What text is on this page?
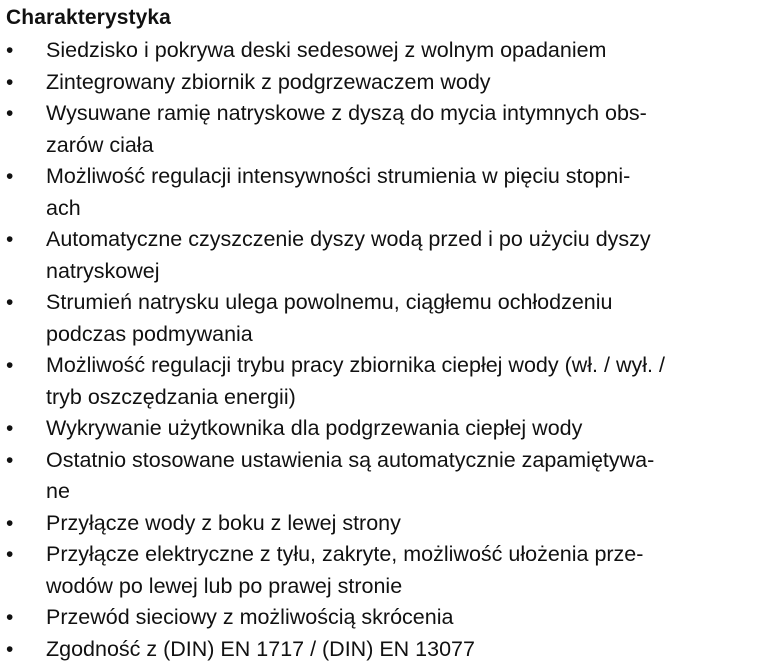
Charakterystyka
•	Siedzisko i pokrywa deski sedesowej z wolnym opadaniem
•	Zintegrowany zbiornik z podgrzewaczem wody
•	Wysuwane ramię natryskowe z dyszą do mycia intymnych obs-
zarów ciała
•	Możliwość regulacji intensywności strumienia w pięciu stopni-
ach
•	Automatyczne czyszczenie dyszy wodą przed i po użyciu dyszy
natryskowej
•	Strumień natrysku ulega powolnemu, ciągłemu ochłodzeniu
podczas podmywania
•	Możliwość regulacji trybu pracy zbiornika ciepłej wody (wł. / wył. /
tryb oszczędzania energii)
•	Wykrywanie użytkownika dla podgrzewania ciepłej wody
•	Ostatnio stosowane ustawienia są automatycznie zapamiętywa-
ne
•	Przyłącze wody z boku z lewej strony
•	Przyłącze elektryczne z tyłu, zakryte, możliwość ułożenia prze-
wodów po lewej lub po prawej stronie
•	Przewód sieciowy z możliwością skrócenia
•	Zgodność z (DIN) EN 1717 / (DIN) EN 13077
